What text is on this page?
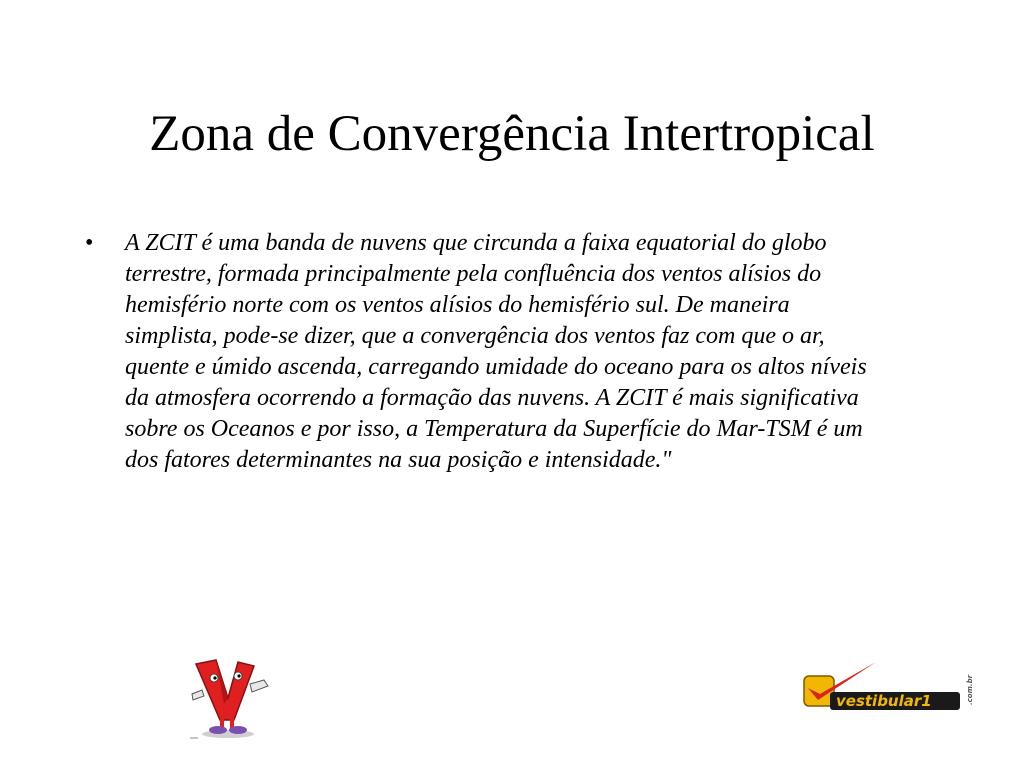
Zona de Convergência Intertropical
• A ZCIT é uma banda de nuvens que circunda a faixa equatorial do globo terrestre, formada principalmente pela confluência dos ventos alísios do hemisfério norte com os ventos alísios do hemisfério sul. De maneira simplista, pode-se dizer, que a convergência dos ventos faz com que o ar, quente e úmido ascenda, carregando umidade do oceano para os altos níveis da atmosfera ocorrendo a formação das nuvens. A ZCIT é mais significativa sobre os Oceanos e por isso, a Temperatura da Superfície do Mar-TSM é um dos fatores determinantes na sua posição e intensidade."
vestibular1	.com.br
